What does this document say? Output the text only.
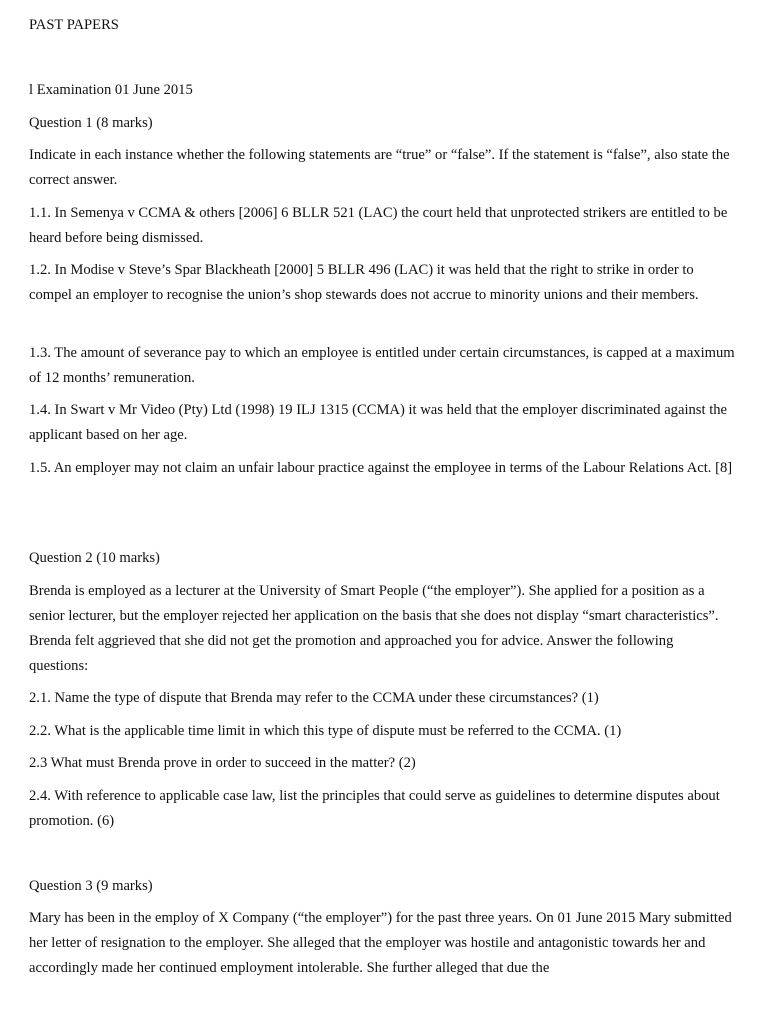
PAST PAPERS

l Examination 01 June 2015

Question 1 (8 marks)

Indicate in each instance whether the following statements are “true” or “false”. If the statement is “false”, also state the correct answer.

1.1. In Semenya v CCMA & others [2006] 6 BLLR 521 (LAC) the court held that unprotected strikers are entitled to be heard before being dismissed.

1.2. In Modise v Steve’s Spar Blackheath [2000] 5 BLLR 496 (LAC) it was held that the right to strike in order to compel an employer to recognise the union’s shop stewards does not accrue to minority unions and their members.

1.3. The amount of severance pay to which an employee is entitled under certain circumstances, is capped at a maximum of 12 months’ remuneration.

1.4. In Swart v Mr Video (Pty) Ltd (1998) 19 ILJ 1315 (CCMA) it was held that the employer discriminated against the applicant based on her age.

1.5. An employer may not claim an unfair labour practice against the employee in terms of the Labour Relations Act. [8]

Question 2 (10 marks)

Brenda is employed as a lecturer at the University of Smart People (“the employer”). She applied for a position as a senior lecturer, but the employer rejected her application on the basis that she does not display “smart characteristics”. Brenda felt aggrieved that she did not get the promotion and approached you for advice. Answer the following questions:

2.1. Name the type of dispute that Brenda may refer to the CCMA under these circumstances? (1)

2.2. What is the applicable time limit in which this type of dispute must be referred to the CCMA. (1)

2.3 What must Brenda prove in order to succeed in the matter? (2)

2.4. With reference to applicable case law, list the principles that could serve as guidelines to determine disputes about promotion. (6)

Question 3 (9 marks)

Mary has been in the employ of X Company (“the employer”) for the past three years. On 01 June 2015 Mary submitted her letter of resignation to the employer. She alleged that the employer was hostile and antagonistic towards her and accordingly made her continued employment intolerable. She further alleged that due the
